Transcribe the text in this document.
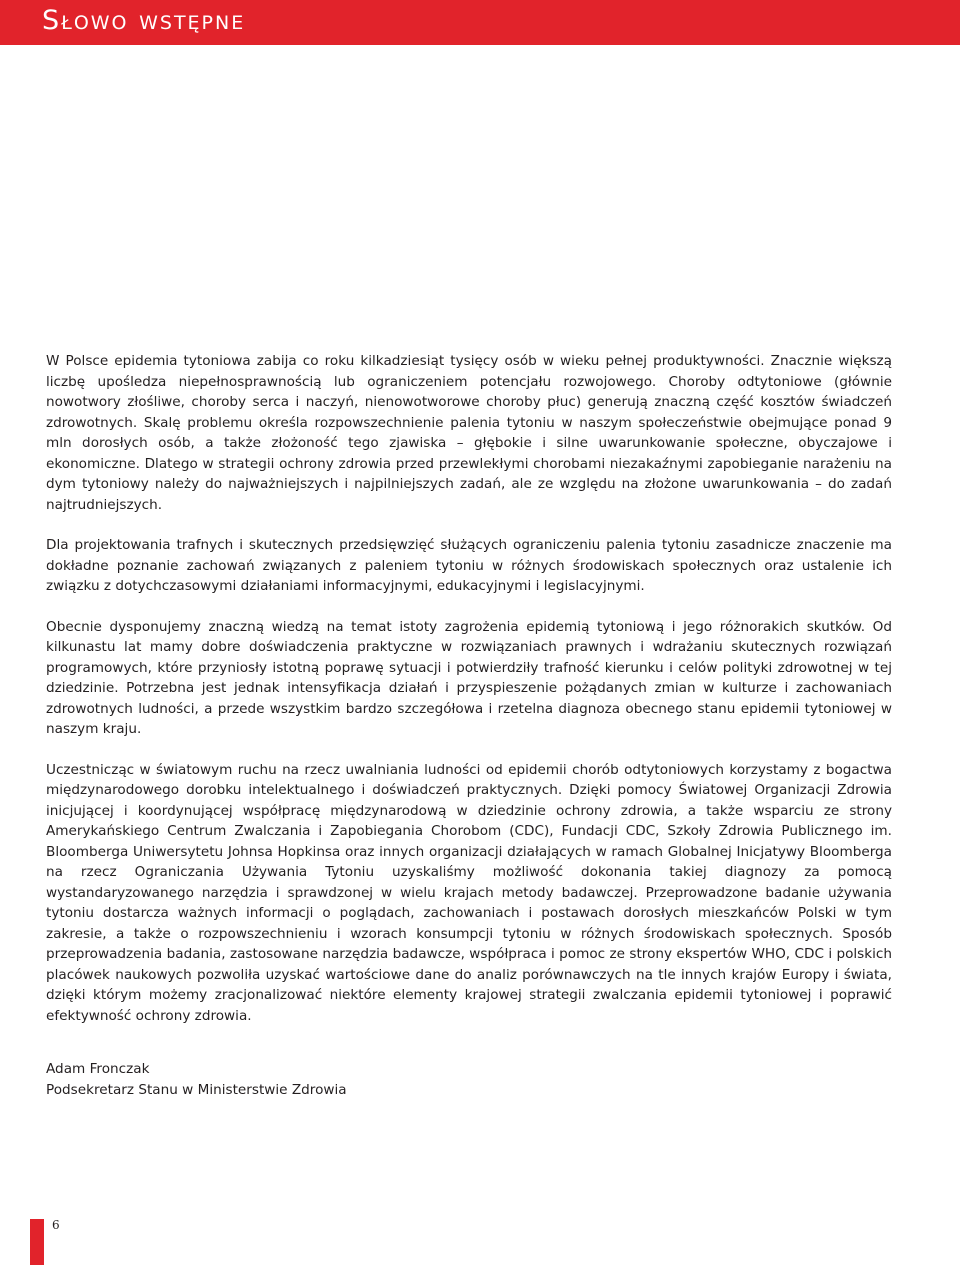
Słowo wstępne

W Polsce epidemia tytoniowa zabija co roku kilkadziesiąt tysięcy osób w wieku pełnej produktywności. Znacznie większą liczbę upośledza niepełnosprawnością lub ograniczeniem potencjału rozwojowego. Choroby odtytoniowe (głównie nowotwory złośliwe, choroby serca i naczyń, nienowotworowe choroby płuc) generują znaczną część kosztów świadczeń zdrowotnych. Skalę problemu określa rozpowszechnienie palenia tytoniu w naszym społeczeństwie obejmujące ponad 9 mln dorosłych osób, a także złożoność tego zjawiska – głębokie i silne uwarunkowanie społeczne, obyczajowe i ekonomiczne. Dlatego w strategii ochrony zdrowia przed przewlekłymi chorobami niezakaźnymi zapobieganie narażeniu na dym tytoniowy należy do najważniejszych i najpilniejszych zadań, ale ze względu na złożone uwarunkowania – do zadań najtrudniejszych.

Dla projektowania trafnych i skutecznych przedsięwzięć służących ograniczeniu palenia tytoniu zasadnicze znaczenie ma dokładne poznanie zachowań związanych z paleniem tytoniu w różnych środowiskach społecznych oraz ustalenie ich związku z dotychczasowymi działaniami informacyjnymi, edukacyjnymi i legislacyjnymi.

Obecnie dysponujemy znaczną wiedzą na temat istoty zagrożenia epidemią tytoniową i jego różnorakich skutków. Od kilkunastu lat mamy dobre doświadczenia praktyczne w rozwiązaniach prawnych i wdrażaniu skutecznych rozwiązań programowych, które przyniosły istotną poprawę sytuacji i potwierdziły trafność kierunku i celów polityki zdrowotnej w tej dziedzinie. Potrzebna jest jednak intensyfikacja działań i przyspieszenie pożądanych zmian w kulturze i zachowaniach zdrowotnych ludności, a przede wszystkim bardzo szczegółowa i rzetelna diagnoza obecnego stanu epidemii tytoniowej w naszym kraju.

Uczestnicząc w światowym ruchu na rzecz uwalniania ludności od epidemii chorób odtytoniowych korzystamy z bogactwa międzynarodowego dorobku intelektualnego i doświadczeń praktycznych. Dzięki pomocy Światowej Organizacji Zdrowia inicjującej i koordynującej współpracę międzynarodową w dziedzinie ochrony zdrowia, a także wsparciu ze strony Amerykańskiego Centrum Zwalczania i Zapobiegania Chorobom (CDC), Fundacji CDC, Szkoły Zdrowia Publicznego im. Bloomberga Uniwersytetu Johnsa Hopkinsa oraz innych organizacji działających w ramach Globalnej Inicjatywy Bloomberga na rzecz Ograniczania Używania Tytoniu uzyskaliśmy możliwość dokonania takiej diagnozy za pomocą wystandaryzowanego narzędzia i sprawdzonej w wielu krajach metody badawczej. Przeprowadzone badanie używania tytoniu dostarcza ważnych informacji o poglądach, zachowaniach i postawach dorosłych mieszkańców Polski w tym zakresie, a także o rozpowszechnieniu i wzorach konsumpcji tytoniu w różnych środowiskach społecznych. Sposób przeprowadzenia badania, zastosowane narzędzia badawcze, współpraca i pomoc ze strony ekspertów WHO, CDC i polskich placówek naukowych pozwoliła uzyskać wartościowe dane do analiz porównawczych na tle innych krajów Europy i świata, dzięki którym możemy zracjonalizować niektóre elementy krajowej strategii zwalczania epidemii tytoniowej i poprawić efektywność ochrony zdrowia.

Adam Fronczak
Podsekretarz Stanu w Ministerstwie Zdrowia
6
